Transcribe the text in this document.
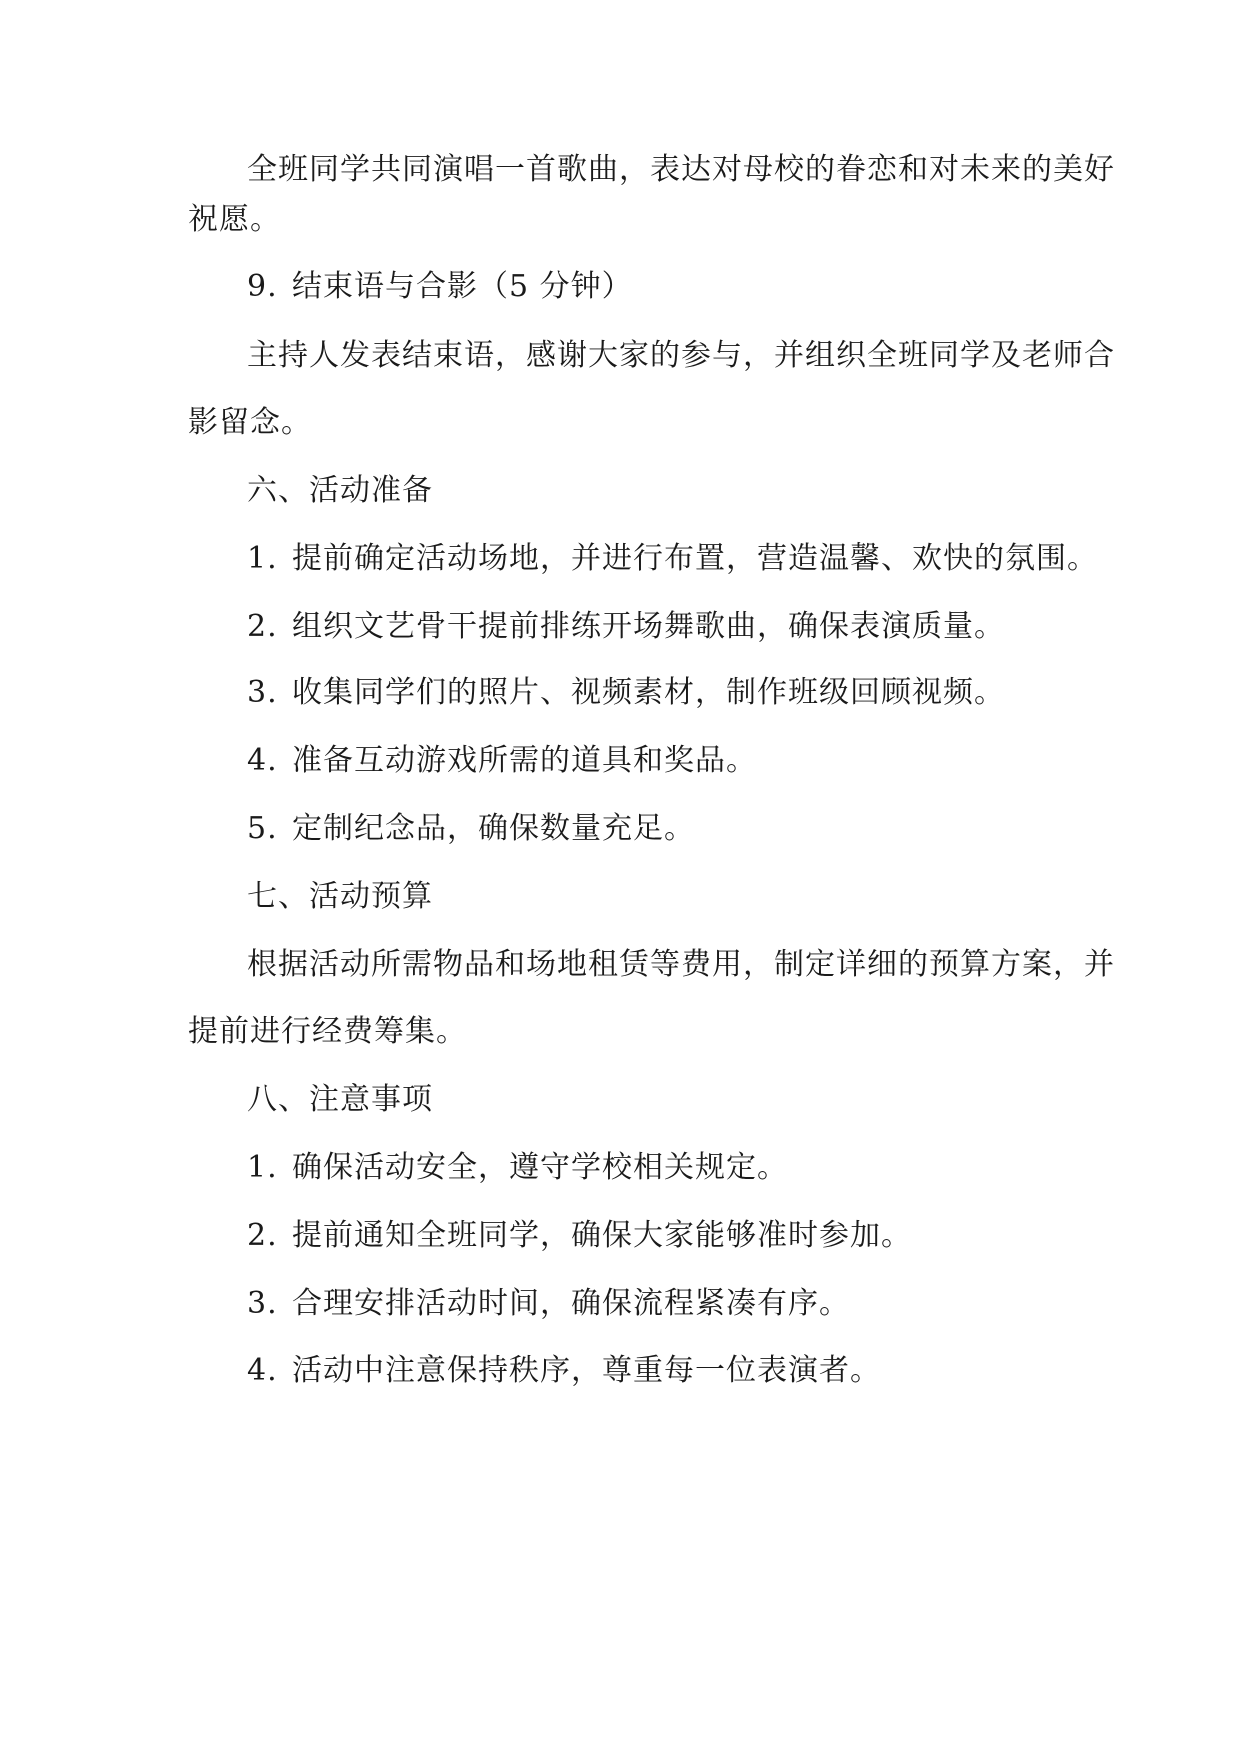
全班同学共同演唱一首歌曲，表达对母校的眷恋和对未来的美好
祝愿。
9. 结束语与合影（5 分钟）
主持人发表结束语，感谢大家的参与，并组织全班同学及老师合
影留念。
六、活动准备
1. 提前确定活动场地，并进行布置，营造温馨、欢快的氛围。
2. 组织文艺骨干提前排练开场舞歌曲，确保表演质量。
3. 收集同学们的照片、视频素材，制作班级回顾视频。
4. 准备互动游戏所需的道具和奖品。
5. 定制纪念品，确保数量充足。
七、活动预算
根据活动所需物品和场地租赁等费用，制定详细的预算方案，并
提前进行经费筹集。
八、注意事项
1. 确保活动安全，遵守学校相关规定。
2. 提前通知全班同学，确保大家能够准时参加。
3. 合理安排活动时间，确保流程紧凑有序。
4. 活动中注意保持秩序，尊重每一位表演者。
